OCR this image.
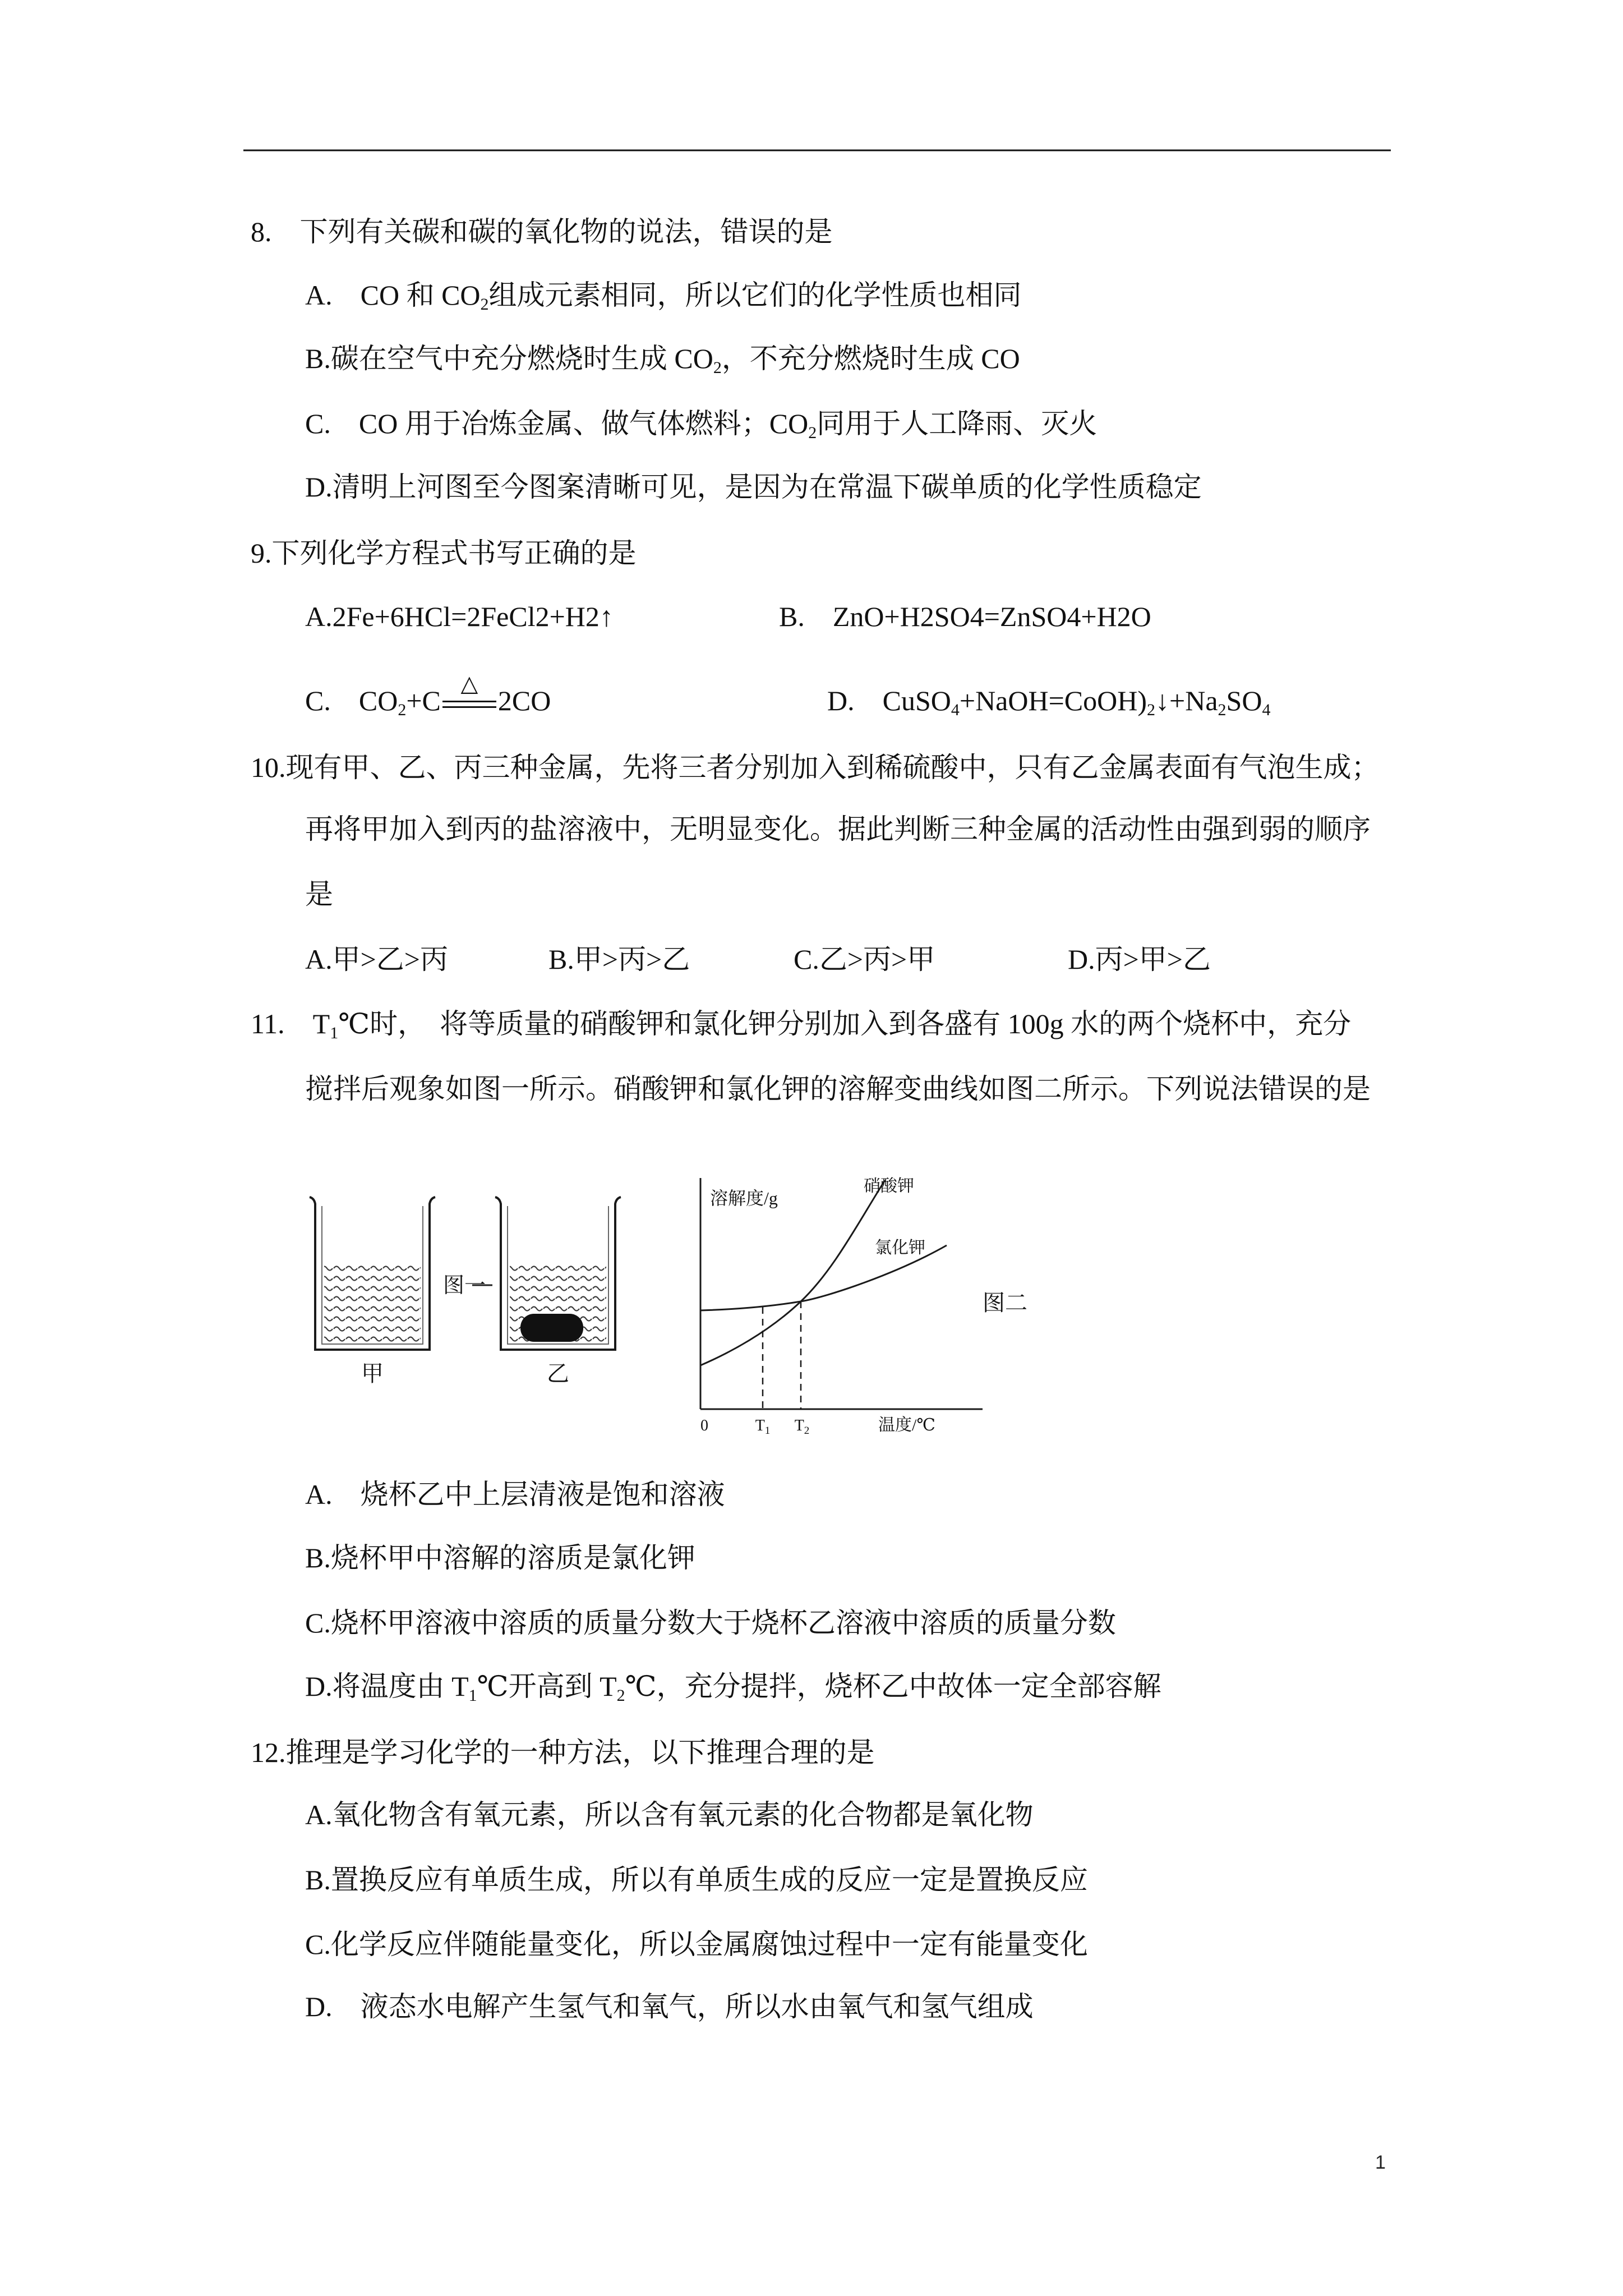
甲
图一
乙
溶解度/g
硝酸钾
氯化钾
0	$T_1$ $T_2$	温度/℃
图二
8.　下列有关碳和碳的氧化物的说法，错误的是
A.　CO 和 $CO_2$组成元素相同，所以它们的化学性质也相同
B.碳在空气中充分燃烧时生成 $CO_2$，不充分燃烧时生成 CO
C.　CO 用于冶炼金属、做气体燃料；$CO_2$同用于人工降雨、灭火
D.清明上河图至今图案清晰可见，是因为在常温下碳单质的化学性质稳定
9.下列化学方程式书写正确的是
A.2Fe+6HCl=2FeCl2+H2↑	B.　ZnO+H2SO4=ZnSO4+H2O
C.　$CO_2+C$
△
2CO	D.　$CuSO_4+NaOH=CoOH)_2↓+Na_2SO_4$
10.现有甲、乙、丙三种金属，先将三者分别加入到稀硫酸中，只有乙金属表面有气泡生成；
再将甲加入到丙的盐溶液中，无明显变化。据此判断三种金属的活动性由强到弱的顺序
是
A.甲>乙>丙	B.甲>丙>乙	C.乙>丙>甲	D.丙>甲>乙
11.　$T_1℃$时，　将等质量的硝酸钾和氯化钾分别加入到各盛有 100g 水的两个烧杯中，充分
搅拌后观象如图一所示。硝酸钾和氯化钾的溶解变曲线如图二所示。下列说法错误的是
A.　烧杯乙中上层清液是饱和溶液
B.烧杯甲中溶解的溶质是氯化钾
C.烧杯甲溶液中溶质的质量分数大于烧杯乙溶液中溶质的质量分数
D.将温度由 $T_1℃$开高到 $T_2℃$，充分提拌，烧杯乙中故体一定全部容解
12.推理是学习化学的一种方法，以下推理合理的是
A.氧化物含有氧元素，所以含有氧元素的化合物都是氧化物
B.置换反应有单质生成，所以有单质生成的反应一定是置换反应
C.化学反应伴随能量变化，所以金属腐蚀过程中一定有能量变化
D.　液态水电解产生氢气和氧气，所以水由氧气和氢气组成
1
